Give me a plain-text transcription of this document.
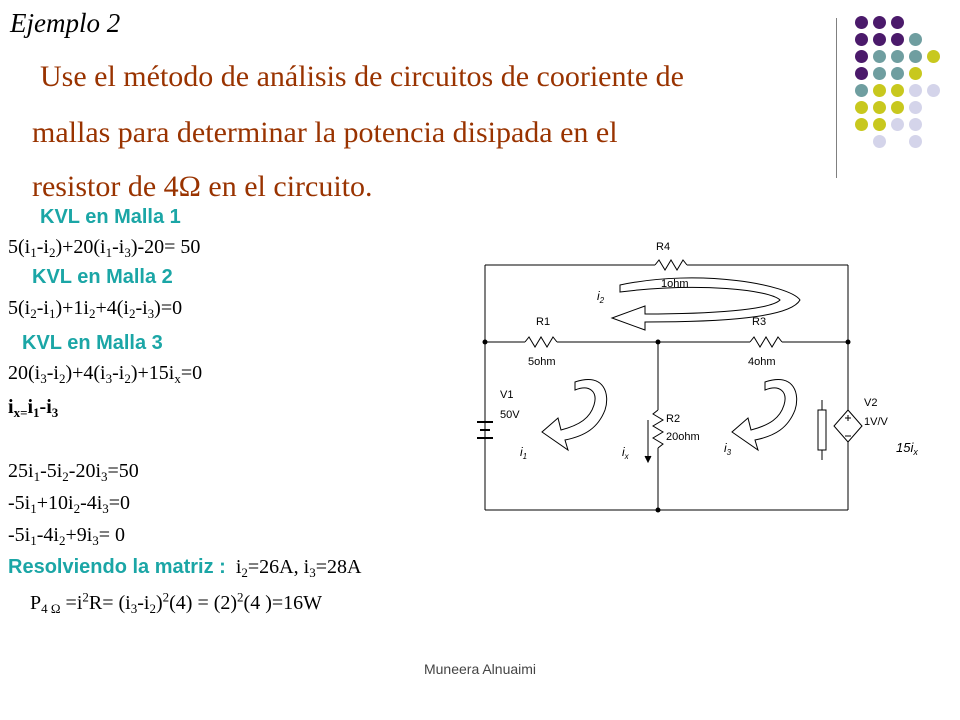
Ejemplo 2
Use el método de análisis de circuitos de cooriente de
mallas para determinar la potencia disipada en el
resistor de 4Ω en el circuito.
KVL en Malla 1
$5(i_1-i_2)+20(i_1-i_3)-20= 50$
KVL en Malla 2
$5(i_2-i_1)+1i_2+4(i_2-i_3)=0$
KVL en Malla 3
$20(i_3-i_2)+4(i_3-i_2)+15i_x=0$
$i_{x=}i_1-i_3$
$25i_1-5i_2-20i_3=50$
$-5i_1+10i_2-4i_3=0$
$-5i_1-4i_2+9i_3= 0$
Resolviendo la matriz :  $i_2=26A$, $i_3=28A$
$P_{4 \Omega} =i^2R= (i_3-i_2)^2(4) = (2)^2(4$ )=16W
R4
1ohm
R1
5ohm
R3
4ohm
R2
20ohm
V1
50V
V2
1V/V
$i_2$
$i_1$	$i_x$
$i_3$	$15i_x$
Muneera Alnuaimi
